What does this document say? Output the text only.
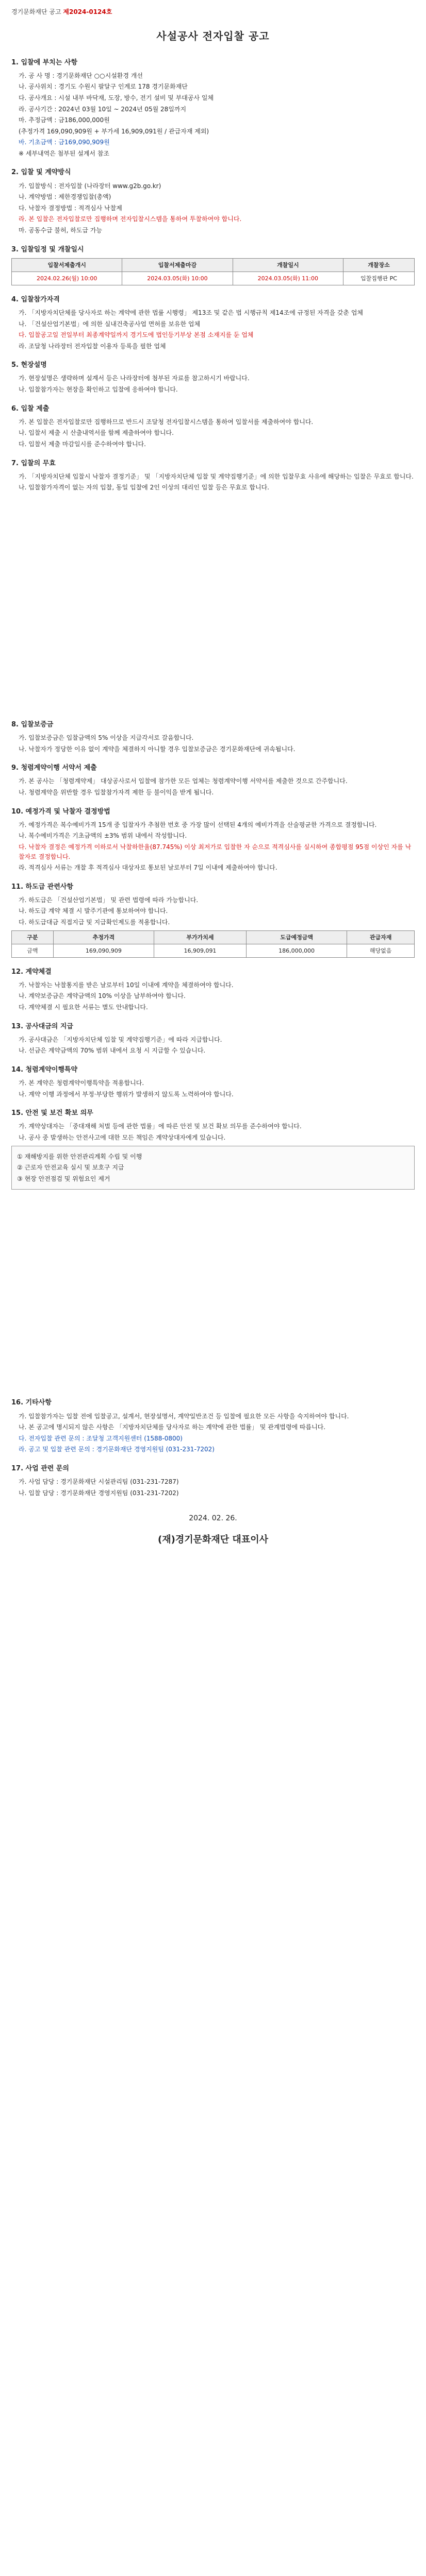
경기문화재단 공고 제2024-0124호
사설공사 전자입찰 공고
1. 입찰에 부치는 사항

가. 공 사 명 : 경기문화재단 ○○시설환경 개선

나. 공사위치 : 경기도 수원시 팔달구 인계로 178 경기문화재단

다. 공사개요 : 시설 내부 바닥재, 도장, 방수, 전기 설비 및 부대공사 일체

라. 공사기간 : 2024년 03월 10일 ~ 2024년 05월 28일까지

마. 추정금액 : 금186,000,000원

(추정가격 169,090,909원 + 부가세 16,909,091원 / 관급자재 제외)

바. 기초금액 : 금169,090,909원

※ 세부내역은 첨부된 설계서 참조

2. 입찰 및 계약방식

가. 입찰방식 : 전자입찰 (나라장터 www.g2b.go.kr)

나. 계약방법 : 제한경쟁입찰(총액)

다. 낙찰자 결정방법 : 적격심사 낙찰제

라. 본 입찰은 전자입찰로만 집행하며 전자입찰시스템을 통하여 투찰하여야 합니다.

마. 공동수급 불허, 하도급 가능

3. 입찰일정 및 개찰일시
입찰서제출개시	입찰서제출마감	개찰일시	개찰장소
2024.02.26(월) 10:00	2024.03.05(화) 10:00	2024.03.05(화) 11:00	입찰집행관 PC
4. 입찰참가자격

가. 「지방자치단체를 당사자로 하는 계약에 관한 법률 시행령」 제13조 및 같은 법 시행규칙 제14조에 규정된 자격을 갖춘 업체

나. 「건설산업기본법」에 의한 실내건축공사업 면허를 보유한 업체

다. 입찰공고일 전일부터 최종계약일까지 경기도에 법인등기부상 본점 소재지를 둔 업체

라. 조달청 나라장터 전자입찰 이용자 등록을 필한 업체

5. 현장설명

가. 현장설명은 생략하며 설계서 등은 나라장터에 첨부된 자료를 참고하시기 바랍니다.

나. 입찰참가자는 현장을 확인하고 입찰에 응하여야 합니다.

6. 입찰 제출

가. 본 입찰은 전자입찰로만 집행하므로 반드시 조달청 전자입찰시스템을 통하여 입찰서를 제출하여야 합니다.

나. 입찰서 제출 시 산출내역서를 함께 제출하여야 합니다.

다. 입찰서 제출 마감일시를 준수하여야 합니다.

7. 입찰의 무효

가. 「지방자치단체 입찰시 낙찰자 결정기준」 및 「지방자치단체 입찰 및 계약집행기준」에 의한 입찰무효 사유에 해당하는 입찰은 무효로 합니다.

나. 입찰참가자격이 없는 자의 입찰, 동일 입찰에 2인 이상의 대리인 입찰 등은 무효로 합니다.

8. 입찰보증금

가. 입찰보증금은 입찰금액의 5% 이상을 지급각서로 갈음합니다.

나. 낙찰자가 정당한 이유 없이 계약을 체결하지 아니할 경우 입찰보증금은 경기문화재단에 귀속됩니다.

9. 청렴계약이행 서약서 제출

가. 본 공사는 「청렴계약제」 대상공사로서 입찰에 참가한 모든 업체는 청렴계약이행 서약서를 제출한 것으로 간주합니다.

나. 청렴계약을 위반할 경우 입찰참가자격 제한 등 불이익을 받게 됩니다.

10. 예정가격 및 낙찰자 결정방법

가. 예정가격은 복수예비가격 15개 중 입찰자가 추첨한 번호 중 가장 많이 선택된 4개의 예비가격을 산술평균한 가격으로 결정합니다.

나. 복수예비가격은 기초금액의 ±3% 범위 내에서 작성합니다.

다. 낙찰자 결정은 예정가격 이하로서 낙찰하한율(87.745%) 이상 최저가로 입찰한 자 순으로 적격심사를 실시하여 종합평점 95점 이상인 자를 낙찰자로 결정합니다.

라. 적격심사 서류는 개찰 후 적격심사 대상자로 통보된 날로부터 7일 이내에 제출하여야 합니다.

11. 하도급 관련사항

가. 하도급은 「건설산업기본법」 및 관련 법령에 따라 가능합니다.

나. 하도급 계약 체결 시 발주기관에 통보하여야 합니다.

다. 하도급대금 직접지급 및 지급확인제도를 적용합니다.

구분	추정가격	부가가치세	도급예정금액	관급자재
금액	169,090,909	16,909,091	186,000,000	해당없음
12. 계약체결

가. 낙찰자는 낙찰통지를 받은 날로부터 10일 이내에 계약을 체결하여야 합니다.

나. 계약보증금은 계약금액의 10% 이상을 납부하여야 합니다.

다. 계약체결 시 필요한 서류는 별도 안내합니다.

13. 공사대금의 지급

가. 공사대금은 「지방자치단체 입찰 및 계약집행기준」에 따라 지급합니다.

나. 선금은 계약금액의 70% 범위 내에서 요청 시 지급할 수 있습니다.

14. 청렴계약이행특약

가. 본 계약은 청렴계약이행특약을 적용합니다.

나. 계약 이행 과정에서 부정·부당한 행위가 발생하지 않도록 노력하여야 합니다.

15. 안전 및 보건 확보 의무

가. 계약상대자는 「중대재해 처벌 등에 관한 법률」에 따른 안전 및 보건 확보 의무를 준수하여야 합니다.

나. 공사 중 발생하는 안전사고에 대한 모든 책임은 계약상대자에게 있습니다.

① 재해방지를 위한 안전관리계획 수립 및 이행

② 근로자 안전교육 실시 및 보호구 지급

③ 현장 안전점검 및 위험요인 제거

16. 기타사항

가. 입찰참가자는 입찰 전에 입찰공고, 설계서, 현장설명서, 계약일반조건 등 입찰에 필요한 모든 사항을 숙지하여야 합니다.

나. 본 공고에 명시되지 않은 사항은 「지방자치단체를 당사자로 하는 계약에 관한 법률」 및 관계법령에 따릅니다.

다. 전자입찰 관련 문의 : 조달청 고객지원센터 (1588-0800)

라. 공고 및 입찰 관련 문의 : 경기문화재단 경영지원팀 (031-231-7202)

17. 사업 관련 문의

가. 사업 담당 : 경기문화재단 시설관리팀 (031-231-7287)

나. 입찰 담당 : 경기문화재단 경영지원팀 (031-231-7202)

2024. 02. 26.
(재)경기문화재단 대표이사
